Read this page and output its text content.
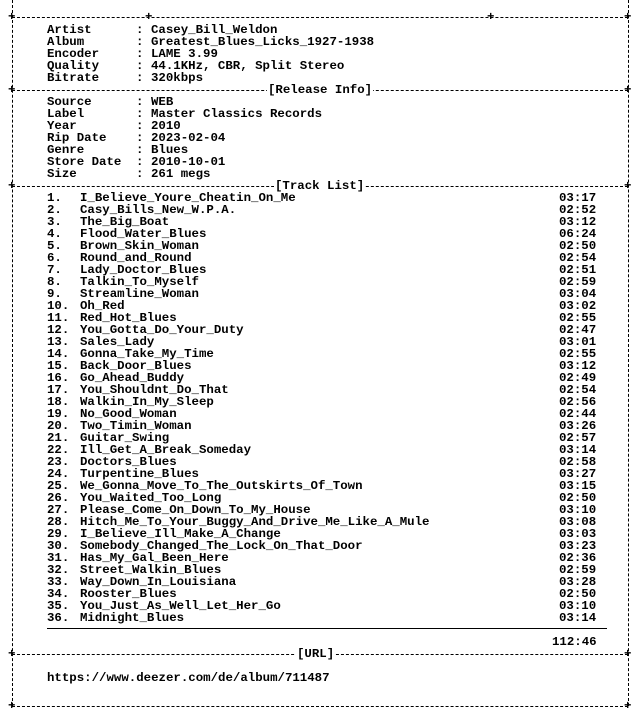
+	+
+	+
Artist	: Casey_Bill_Weldon
Album	: Greatest_Blues_Licks_1927-1938
Encoder	: LAME 3.99
Quality	: 44.1KHz, CBR, Split Stereo
Bitrate	: 320kbps
+	+
[Release Info]
Source	: WEB
Label	: Master Classics Records
Year	: 2010
Rip Date : 2023-02-04
Genre	: Blues
Store Date : 2010-10-01
Size	: 261 megs
+	+
[Track List]
1. I_Believe_Youre_Cheatin_On_Me	03:17
2. Casy_Bills_New_W.P.A.	02:52
3. The_Big_Boat	03:12
4. Flood_Water_Blues	06:24
5. Brown_Skin_Woman	02:50
6. Round_and_Round	02:54
7. Lady_Doctor_Blues	02:51
8. Talkin_To_Myself	02:59
9. Streamline_Woman	03:04
10. Oh_Red	03:02
11. Red_Hot_Blues	02:55
12. You_Gotta_Do_Your_Duty	02:47
13. Sales_Lady	03:01
14. Gonna_Take_My_Time	02:55
15. Back_Door_Blues	03:12
16. Go_Ahead_Buddy	02:49
17. You_Shouldnt_Do_That	02:54
18. Walkin_In_My_Sleep	02:56
19. No_Good_Woman	02:44
20. Two_Timin_Woman	03:26
21. Guitar_Swing	02:57
22. Ill_Get_A_Break_Someday	03:14
23. Doctors_Blues	02:58
24. Turpentine_Blues	03:27
25. We_Gonna_Move_To_The_Outskirts_Of_Town	03:15
26. You_Waited_Too_Long	02:50
27. Please_Come_On_Down_To_My_House	03:10
28. Hitch_Me_To_Your_Buggy_And_Drive_Me_Like_A_Mule	03:08
29. I_Believe_Ill_Make_A_Change	03:03
30. Somebody_Changed_The_Lock_On_That_Door	03:23
31. Has_My_Gal_Been_Here	02:36
32. Street_Walkin_Blues	02:59
33. Way_Down_In_Louisiana	03:28
34. Rooster_Blues	02:50
35. You_Just_As_Well_Let_Her_Go	03:10
36. Midnight_Blues	03:14
112:46
+	+
[URL]
https://www.deezer.com/de/album/711487
+	+
